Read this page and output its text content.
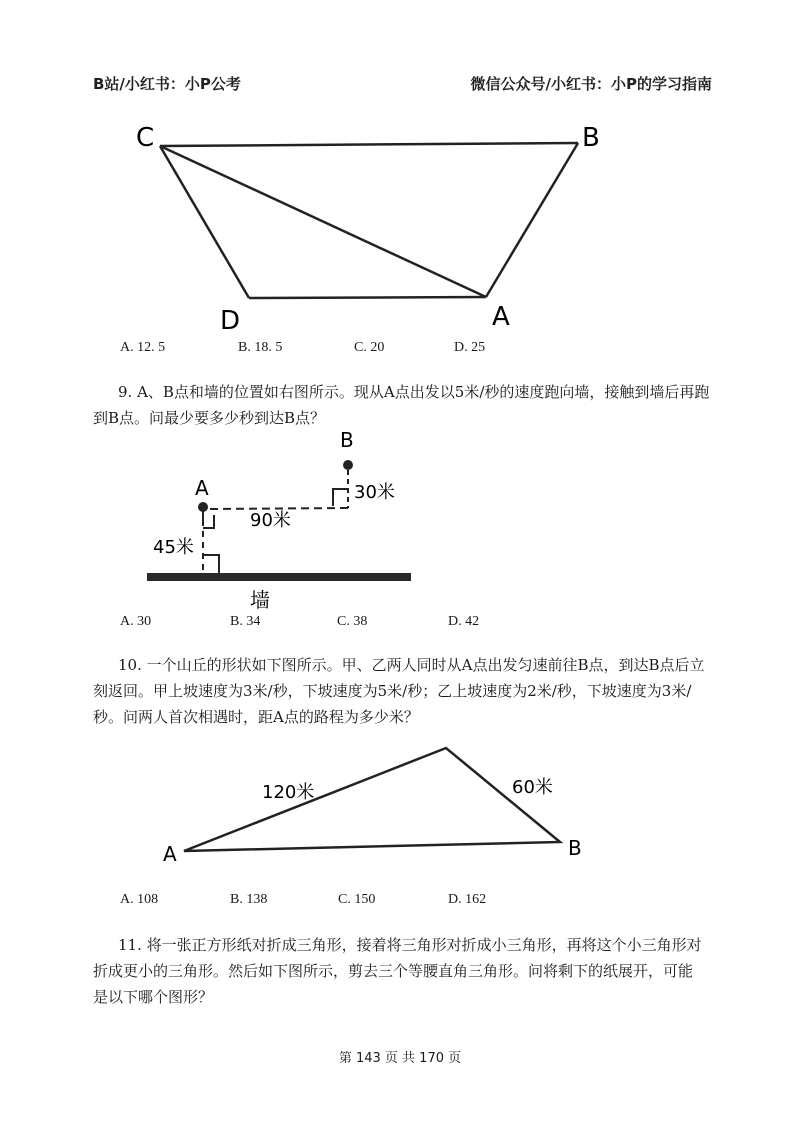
B站/小红书：小P公考	微信公众号/小红书：小P的学习指南
C	B
D	A
A. 12. 5	B. 18. 5	C. 20	D. 25

9. A、B点和墙的位置如右图所示。现从A点出发以5米/秒的速度跑向墙，接触到墙后再跑

到B点。问最少要多少秒到达B点？

墙
A
45米
90米
B
30米
A. 30	B. 34	C. 38	D. 42

10. 一个山丘的形状如下图所示。甲、乙两人同时从A点出发匀速前往B点，到达B点后立

刻返回。甲上坡速度为3米/秒，下坡速度为5米/秒；乙上坡速度为2米/秒，下坡速度为3米/

秒。问两人首次相遇时，距A点的路程为多少米？

A	B
120米	60米
A. 108	B. 138	C. 150	D. 162

11. 将一张正方形纸对折成三角形，接着将三角形对折成小三角形，再将这个小三角形对

折成更小的三角形。然后如下图所示，剪去三个等腰直角三角形。问将剩下的纸展开，可能

是以下哪个图形？

第 143 页 共 170 页
